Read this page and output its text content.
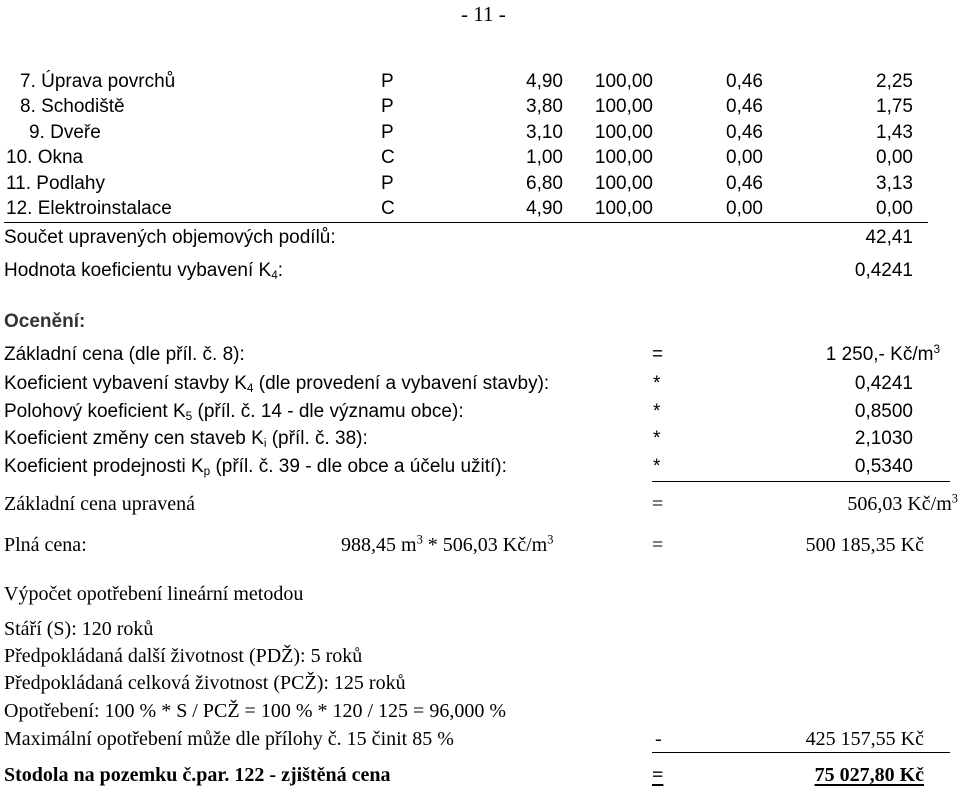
- 11 -
7. Úprava povrchů	P	4,90	100,00	0,46	2,25
8. Schodiště	P	3,80	100,00	0,46	1,75
9. Dveře	P	3,10	100,00	0,46	1,43
10. Okna	C	1,00	100,00	0,00	0,00
11. Podlahy	P	6,80	100,00	0,46	3,13
12. Elektroinstalace	C	4,90	100,00	0,00	0,00
Součet upravených objemových podílů:	42,41
Hodnota koeficientu vybavení $K_4$:	0,4241
Ocenění:
Základní cena (dle příl. č. 8):	=	1 250,- $Kč/m^3$
Koeficient vybavení stavby $K_4$ (dle provedení a vybavení stavby):	*	0,4241
Polohový koeficient $K_5$ (příl. č. 14 - dle významu obce):	*	0,8500
Koeficient změny cen staveb $K_i$ (příl. č. 38):	*	2,1030
Koeficient prodejnosti $K_p$ (příl. č. 39 - dle obce a účelu užití):	*	0,5340
Základní cena upravená	=	506,03 $Kč/m^3$
Plná cena:	988,45 $m^3 * 506,03$ $Kč/m^3$	=	500 185,35 Kč
Výpočet opotřebení lineární metodou
Stáří (S): 120 roků
Předpokládaná další životnost (PDŽ): 5 roků
Předpokládaná celková životnost (PCŽ): 125 roků
Opotřebení: 100 % * S / PCŽ = 100 % * 120 / 125 = 96,000 %
Maximální opotřebení může dle přílohy č. 15 činit 85 %	-	425 157,55 Kč
Stodola na pozemku č.par. 122 - zjištěná cena	=	75 027,80 Kč
